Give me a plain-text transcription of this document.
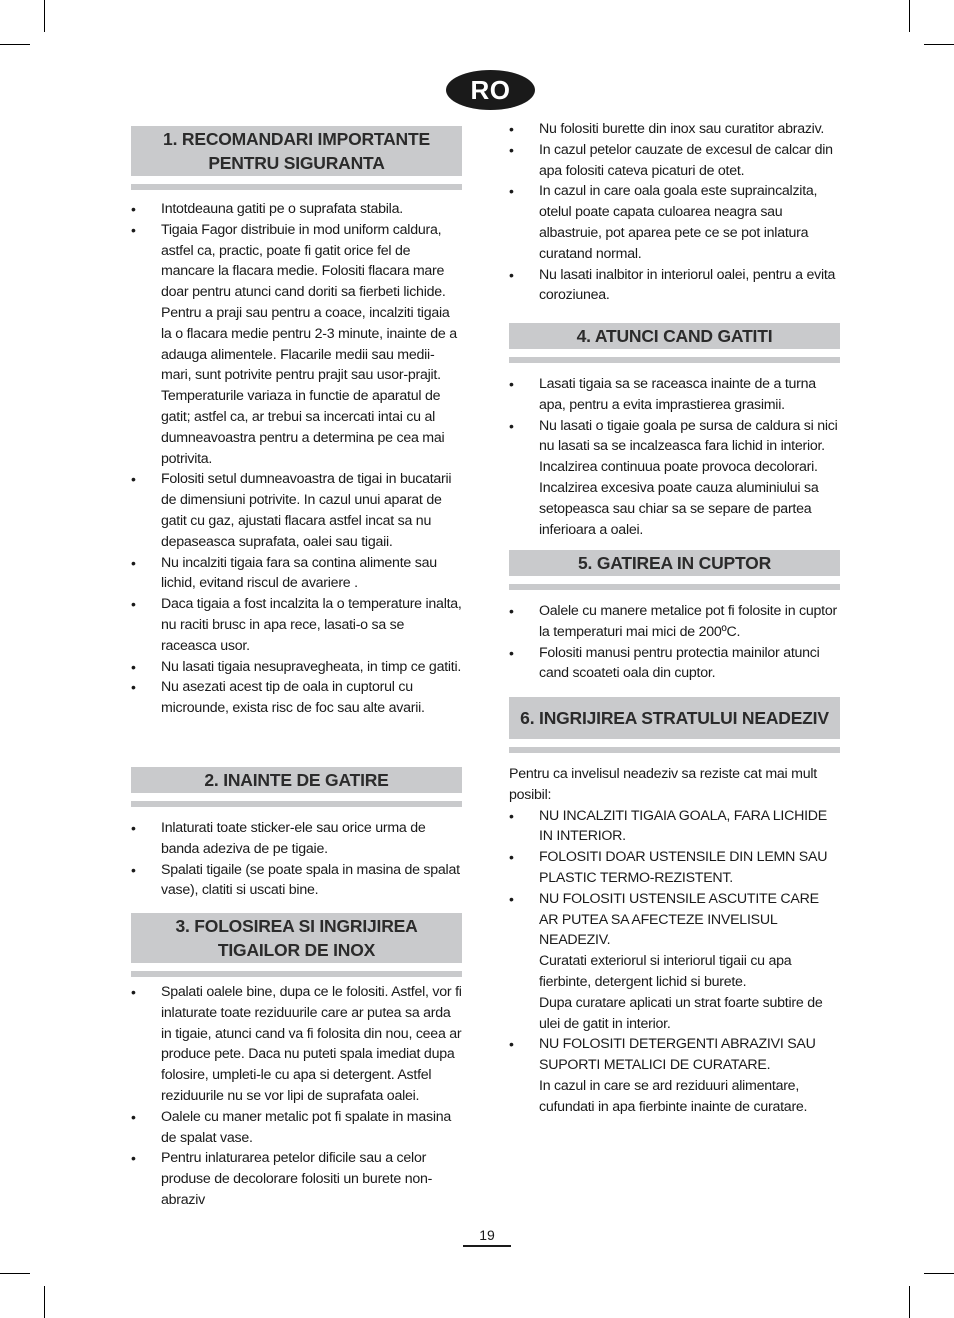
RO
1. RECOMANDARI IMPORTANTE
PENTRU SIGURANTA
• Intotdeauna gatiti pe o suprafata stabila.
• Tigaia Fagor distribuie in mod uniform caldura, astfel ca, practic, poate fi gatit orice fel de mancare la flacara medie. Folositi flacara mare doar pentru atunci cand doriti sa fierbeti lichide. Pentru a praji sau pentru a coace, incalziti tigaia la o flacara medie pentru 2-3 minute, inainte de a adauga alimentele. Flacarile medii sau medii-mari, sunt potrivite pentru prajit sau usor-prajit. Temperaturile variaza in functie de aparatul de gatit; astfel ca, ar trebui sa incercati intai cu al dumneavoastra pentru a determina pe cea mai potrivita.
• Folositi setul dumneavoastra de tigai in bucatarii de dimensiuni potrivite. In cazul unui aparat de gatit cu gaz, ajustati flacara astfel incat sa nu depaseasca suprafata, oalei sau tigaii.
• Nu incalziti tigaia fara sa contina alimente sau lichid, evitand riscul de avariere .
• Daca tigaia a fost incalzita la o temperature inalta, nu raciti brusc in apa rece, lasati-o sa se raceasca usor.
• Nu lasati tigaia nesupravegheata, in timp ce gatiti.
• Nu asezati acest tip de oala in cuptorul cu microunde, exista risc de foc sau alte avarii.
2. INAINTE DE GATIRE
• Inlaturati toate sticker-ele sau orice urma de banda adeziva de pe tigaie.
• Spalati tigaile (se poate spala in masina de spalat vase), clatiti si uscati bine.
3. FOLOSIREA SI INGRIJIREA
TIGAILOR DE INOX
• Spalati oalele bine, dupa ce le folositi. Astfel, vor fi inlaturate toate reziduurile care ar putea sa arda in tigaie, atunci cand va fi folosita din nou, ceea ar produce pete. Daca nu puteti spala imediat dupa folosire, umpleti-le cu apa si detergent. Astfel reziduurile nu se vor lipi de suprafata oalei.
• Oalele cu maner metalic pot fi spalate in masina de spalat vase.
• Pentru inlaturarea petelor dificile sau a celor produse de decolorare folositi un burete non-abraziv
• Nu folositi burette din inox sau curatitor abraziv.
• In cazul petelor cauzate de excesul de calcar din apa folositi cateva picaturi de otet.
• In cazul in care oala goala este supraincalzita, otelul poate capata culoarea neagra sau albastruie, pot aparea pete ce se pot inlatura curatand normal.
• Nu lasati inalbitor in interiorul oalei, pentru a evita coroziunea.
4. ATUNCI CAND GATITI
• Lasati tigaia sa se raceasca inainte de a turna apa, pentru a evita imprastierea grasimii.
• Nu lasati o tigaie goala pe sursa de caldura si nici nu lasati sa se incalzeasca fara lichid in interior. Incalzirea continuua poate provoca decolorari. Incalzirea excesiva poate cauza aluminiului sa setopeasca sau chiar sa se separe de partea inferioara a oalei.
5. GATIREA IN CUPTOR
• Oalele cu manere metalice pot fi folosite in cuptor la temperaturi mai mici de 200ºC.
• Folositi manusi pentru protectia mainilor atunci cand scoateti oala din cuptor.
6. INGRIJIREA STRATULUI NEADEZIV
Pentru ca invelisul neadeziv sa reziste cat mai mult posibil:
• NU INCALZITI TIGAIA GOALA, FARA LICHIDE IN INTERIOR.
• FOLOSITI DOAR USTENSILE DIN LEMN SAU PLASTIC TERMO-REZISTENT.
• NU FOLOSITI USTENSILE ASCUTITE CARE AR PUTEA SA AFECTEZE INVELISUL NEADEZIV.
Curatati exteriorul si interiorul tigaii cu apa fierbinte, detergent lichid si burete.
Dupa curatare aplicati un strat foarte subtire de ulei de gatit in interior.
• NU FOLOSITI DETERGENTI ABRAZIVI SAU SUPORTI METALICI DE CURATARE.
In cazul in care se ard reziduuri alimentare, cufundati in apa fierbinte inainte de curatare.
19
